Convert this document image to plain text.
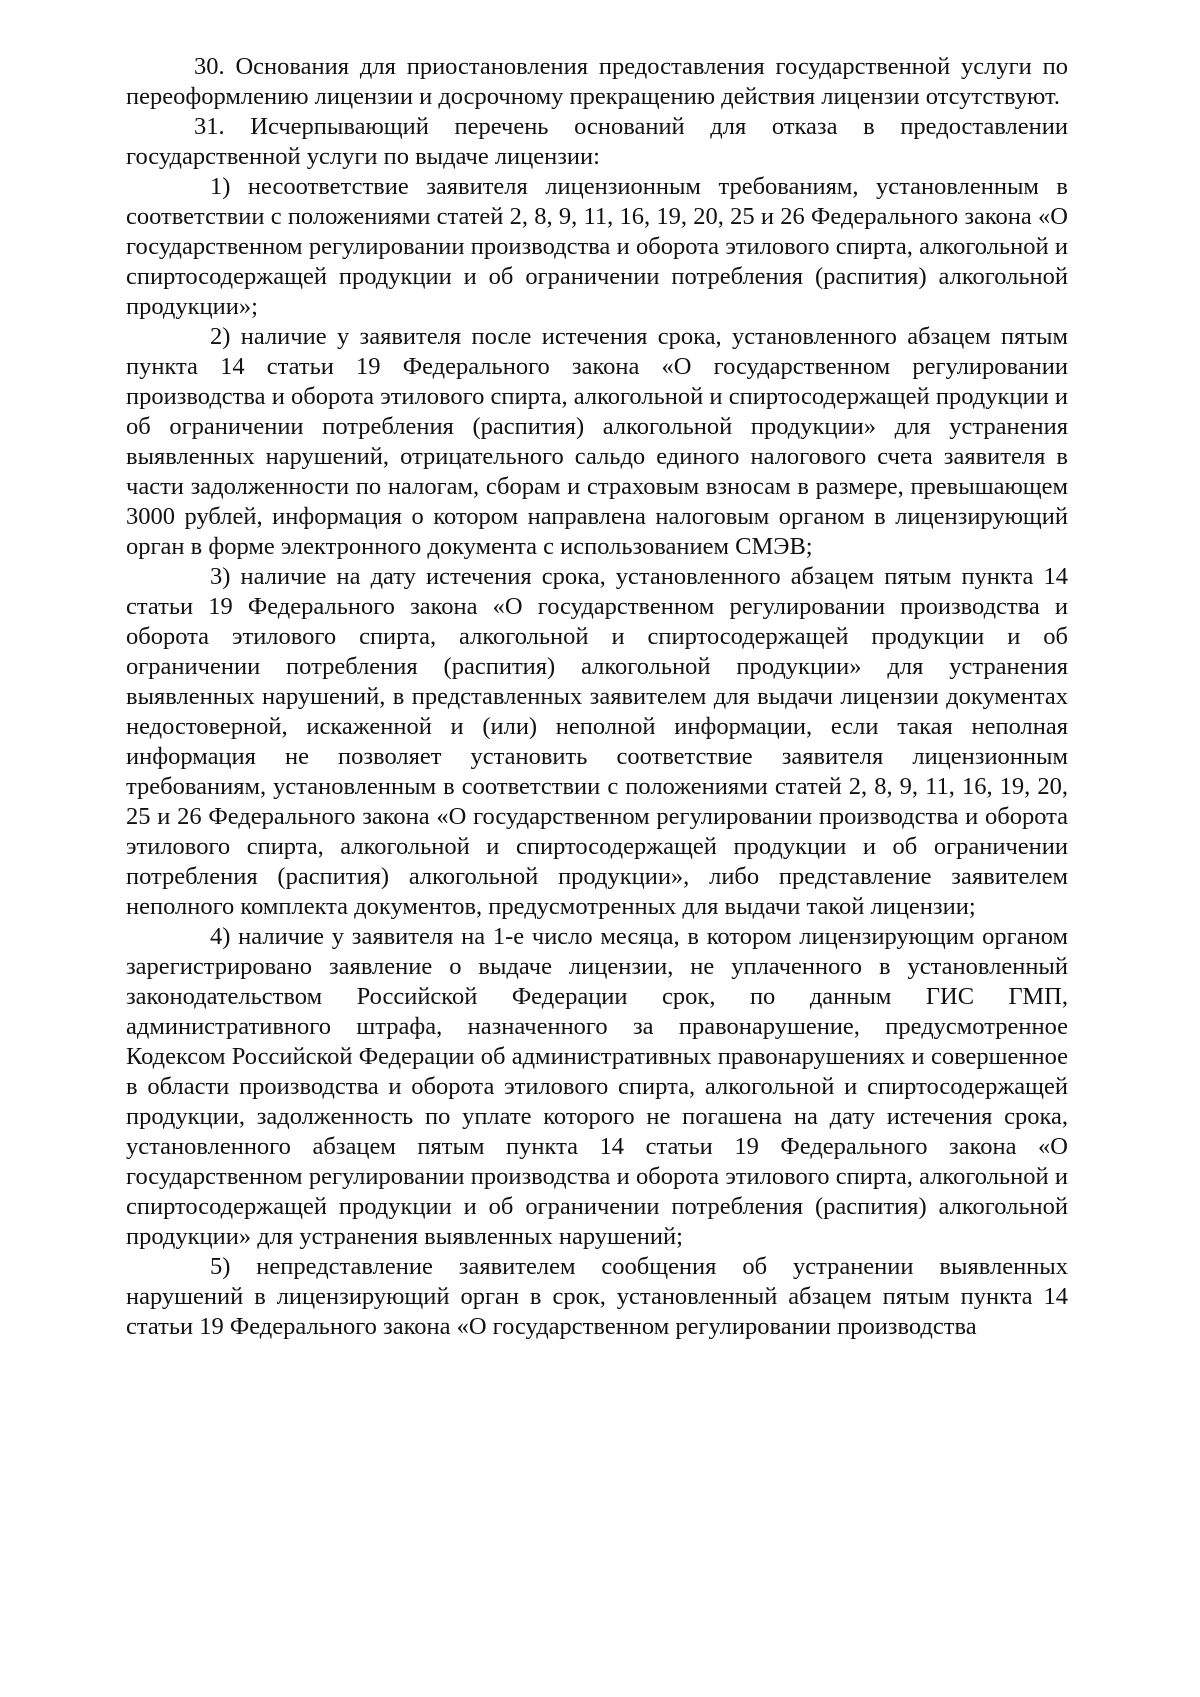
30. Основания для приостановления предоставления государственной услуги по переоформлению лицензии и досрочному прекращению действия лицензии отсутствуют.

31. Исчерпывающий перечень оснований для отказа в предоставлении государственной услуги по выдаче лицензии:

1) несоответствие заявителя лицензионным требованиям, установленным в соответствии с положениями статей 2, 8, 9, 11, 16, 19, 20, 25 и 26 Федерального закона «О государственном регулировании производства и оборота этилового спирта, алкогольной и спиртосодержащей продукции и об ограничении потребления (распития) алкогольной продукции»;

2) наличие у заявителя после истечения срока, установленного абзацем пятым пункта 14 статьи 19 Федерального закона «О государственном регулировании производства и оборота этилового спирта, алкогольной и спиртосодержащей продукции и об ограничении потребления (распития) алкогольной продукции» для устранения выявленных нарушений, отрицательного сальдо единого налогового счета заявителя в части задолженности по налогам, сборам и страховым взносам в размере, превышающем 3000 рублей, информация о котором направлена налоговым органом в лицензирующий орган в форме электронного документа с использованием СМЭВ;

3) наличие на дату истечения срока, установленного абзацем пятым пункта 14 статьи 19 Федерального закона «О государственном регулировании производства и оборота этилового спирта, алкогольной и спиртосодержащей продукции и об ограничении потребления (распития) алкогольной продукции» для устранения выявленных нарушений, в представленных заявителем для выдачи лицензии документах недостоверной, искаженной и (или) неполной информации, если такая неполная информация не позволяет установить соответствие заявителя лицензионным требованиям, установленным в соответствии с положениями статей 2, 8, 9, 11, 16, 19, 20, 25 и 26 Федерального закона «О государственном регулировании производства и оборота этилового спирта, алкогольной и спиртосодержащей продукции и об ограничении потребления (распития) алкогольной продукции», либо представление заявителем неполного комплекта документов, предусмотренных для выдачи такой лицензии;

4) наличие у заявителя на 1-е число месяца, в котором лицензирующим органом зарегистрировано заявление о выдаче лицензии, не уплаченного в установленный законодательством Российской Федерации срок, по данным ГИС ГМП, административного штрафа, назначенного за правонарушение, предусмотренное Кодексом Российской Федерации об административных правонарушениях и совершенное в области производства и оборота этилового спирта, алкогольной и спиртосодержащей продукции, задолженность по уплате которого не погашена на дату истечения срока, установленного абзацем пятым пункта 14 статьи 19 Федерального закона «О государственном регулировании производства и оборота этилового спирта, алкогольной и спиртосодержащей продукции и об ограничении потребления (распития) алкогольной продукции» для устранения выявленных нарушений;

5) непредставление заявителем сообщения об устранении выявленных нарушений в лицензирующий орган в срок, установленный абзацем пятым пункта 14 статьи 19 Федерального закона «О государственном регулировании производства
